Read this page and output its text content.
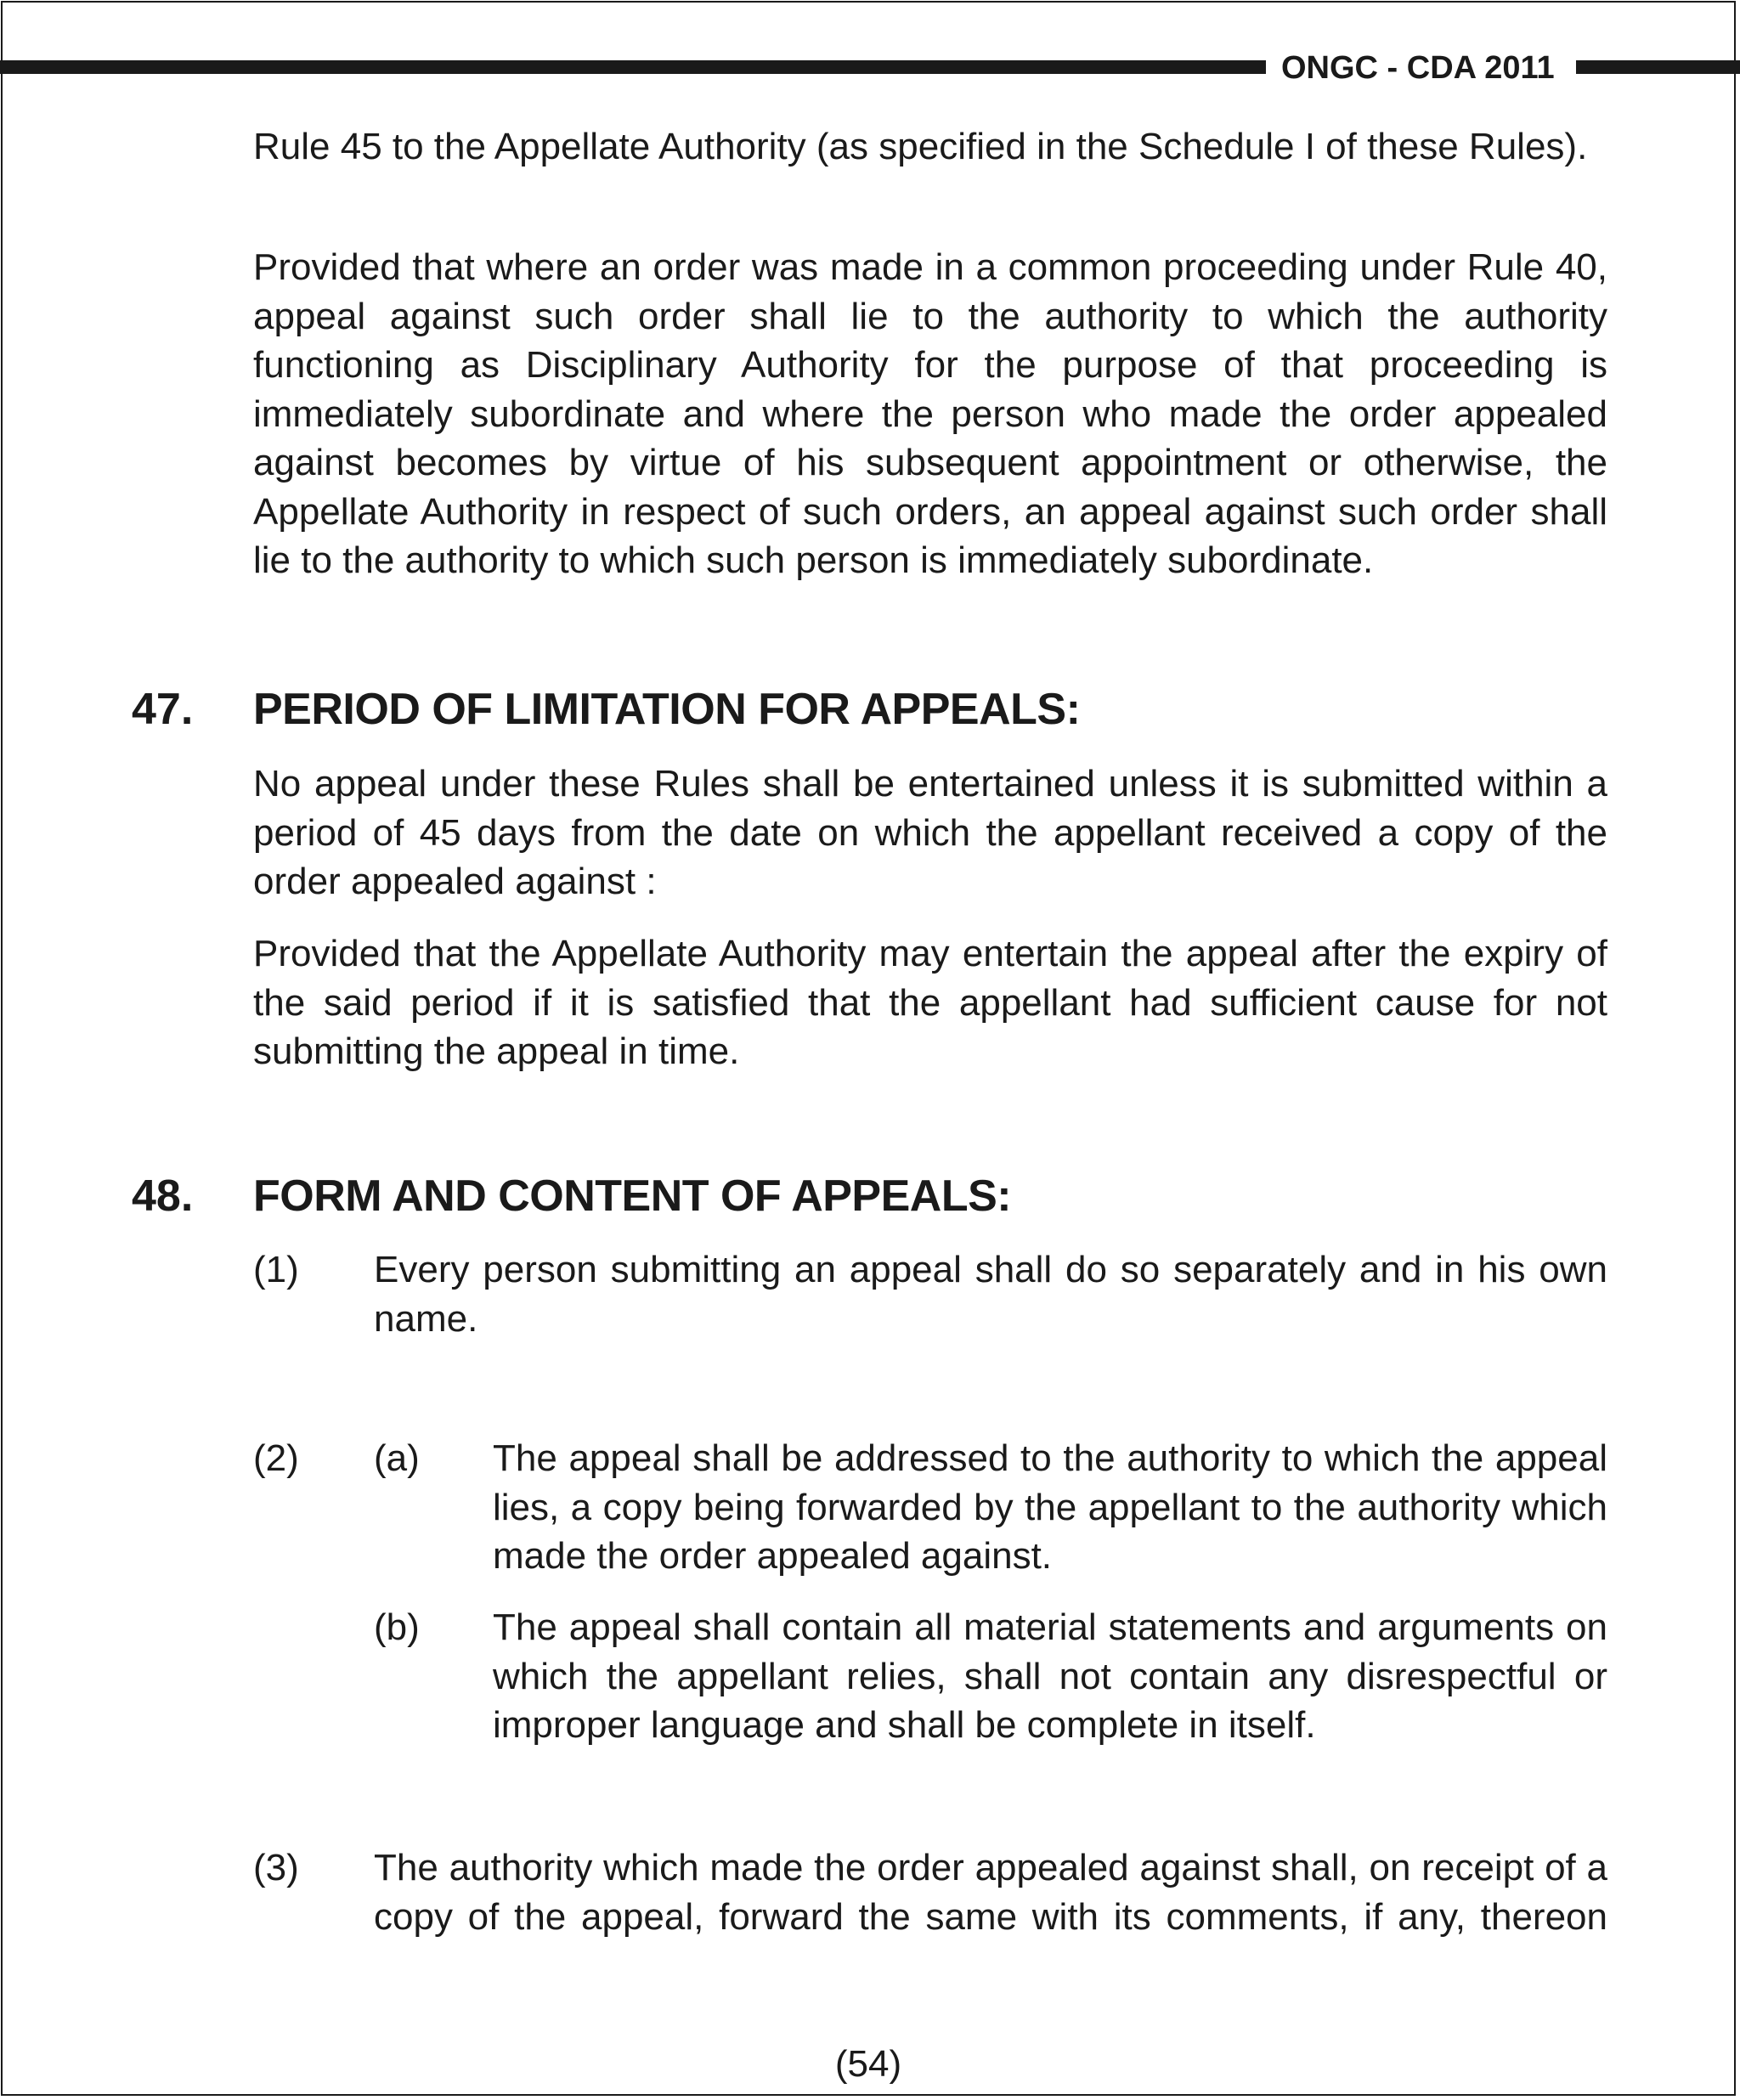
ONGC - CDA 2011
Rule 45 to the Appellate Authority (as specified in the Schedule I of these Rules).
Provided that where an order was made in a common proceeding under Rule 40, appeal against such order shall lie to the authority to which the authority functioning as Disciplinary Authority for the purpose of that proceeding is immediately subordinate and where the person who made the order appealed against becomes by virtue of his subsequent appointment or otherwise, the Appellate Authority in respect of such orders, an appeal against such order shall lie to the authority to which such person is immediately subordinate.
47. PERIOD OF LIMITATION FOR APPEALS:
No appeal under these Rules shall be entertained unless it is submitted within a period of 45 days from the date on which the appellant received a copy of the order appealed against :
Provided that the Appellate Authority may entertain the appeal after the expiry of the said period if it is satisfied that the appellant had sufficient cause for not submitting the appeal in time.
48. FORM AND CONTENT OF APPEALS:
(1) Every person submitting an appeal shall do so separately and in his own name.
(2) (a) The appeal shall be addressed to the authority to which the appeal lies, a copy being forwarded by the appellant to the authority which made the order appealed against.
(b) The appeal shall contain all material statements and arguments on which the appellant relies, shall not contain any disrespectful or improper language and shall be complete in itself.
(3) The authority which made the order appealed against shall, on receipt of a copy of the appeal, forward the same with its comments, if any, thereon
(54)
